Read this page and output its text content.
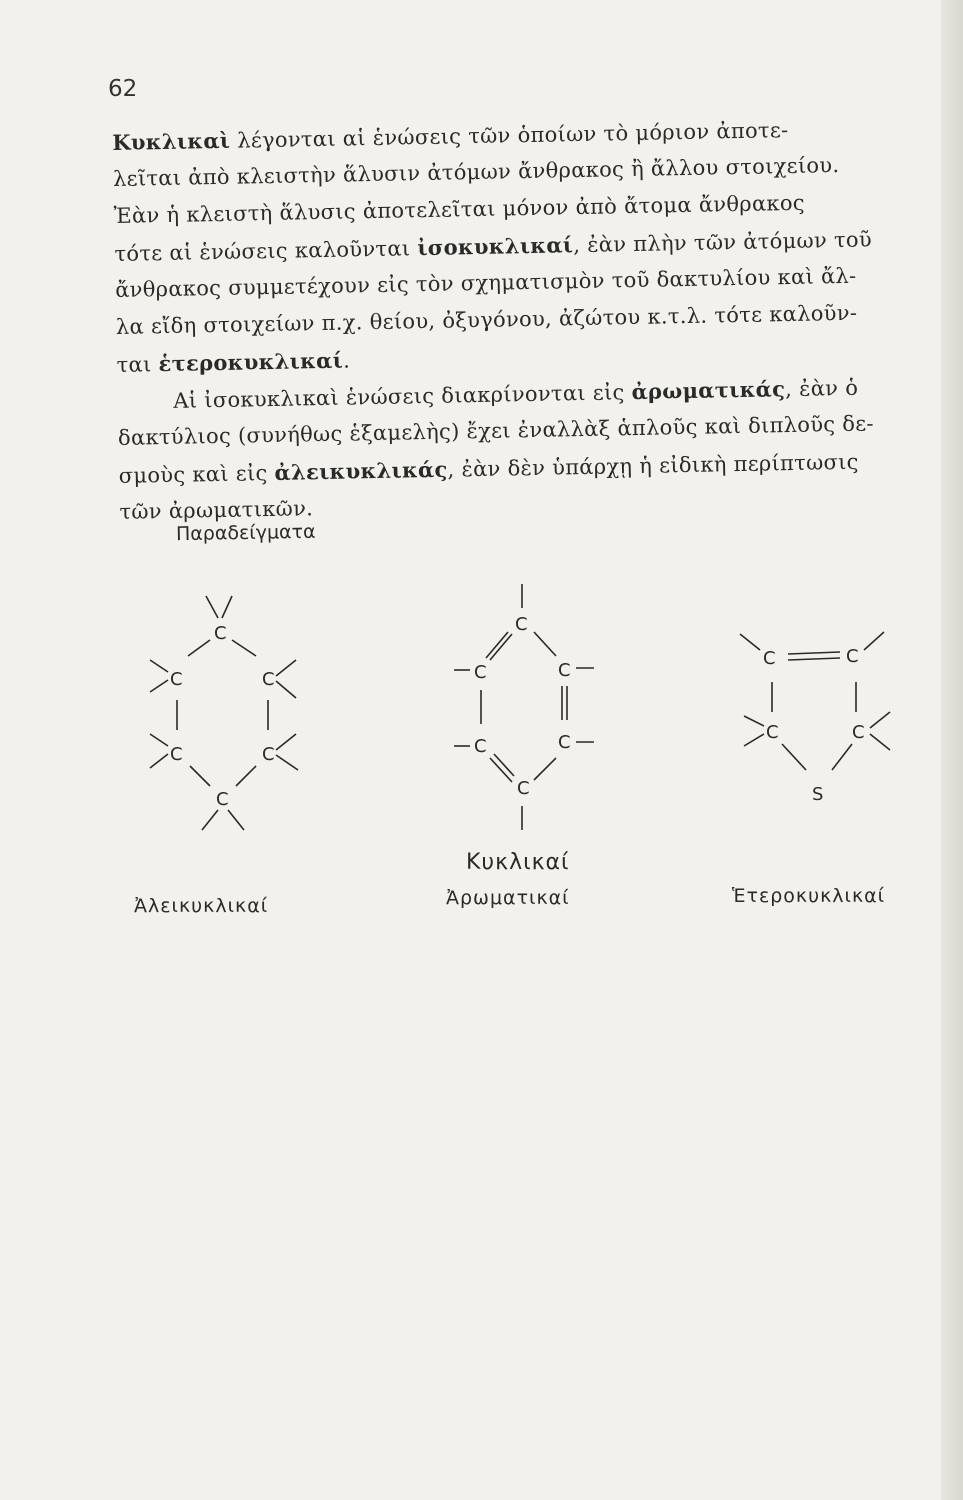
62
Κυκλικαὶ λέγονται αἱ ἑνώσεις τῶν ὁποίων τὸ μόριον ἀποτε-
λεῖται ἀπὸ κλειστὴν ἅλυσιν ἀτόμων ἄνθρακος ἢ ἄλλου στοιχείου.
Ἐὰν ἡ κλειστὴ ἅλυσις ἀποτελεῖται μόνον ἀπὸ ἄτομα ἄνθρακος
τότε αἱ ἑνώσεις καλοῦνται ἰσοκυκλικαί, ἐὰν πλὴν τῶν ἀτόμων τοῦ
ἄνθρακος συμμετέχουν εἰς τὸν σχηματισμὸν τοῦ δακτυλίου καὶ ἄλ-
λα εἴδη στοιχείων π.χ. θείου, ὀξυγόνου, ἀζώτου κ.τ.λ. τότε καλοῦν-
ται ἑτεροκυκλικαί.
Αἱ ἰσοκυκλικαὶ ἑνώσεις διακρίνονται εἰς ἀρωματικάς, ἐὰν ὁ
δακτύλιος (συνήθως ἑξαμελὴς) ἔχει ἐναλλὰξ ἁπλοῦς καὶ διπλοῦς δε-
σμοὺς καὶ εἰς ἀλεικυκλικάς, ἐὰν δὲν ὑπάρχῃ ἡ εἰδικὴ περίπτωσις
τῶν ἀρωματικῶν.
Παραδείγματα
C
C	C
C	C
C
C
C	C
C	C
C
C	C
C	C
S
Ἀλεικυκλικαί
Κυκλικαί
Ἀρωματικαί	Ἑτεροκυκλικαί
